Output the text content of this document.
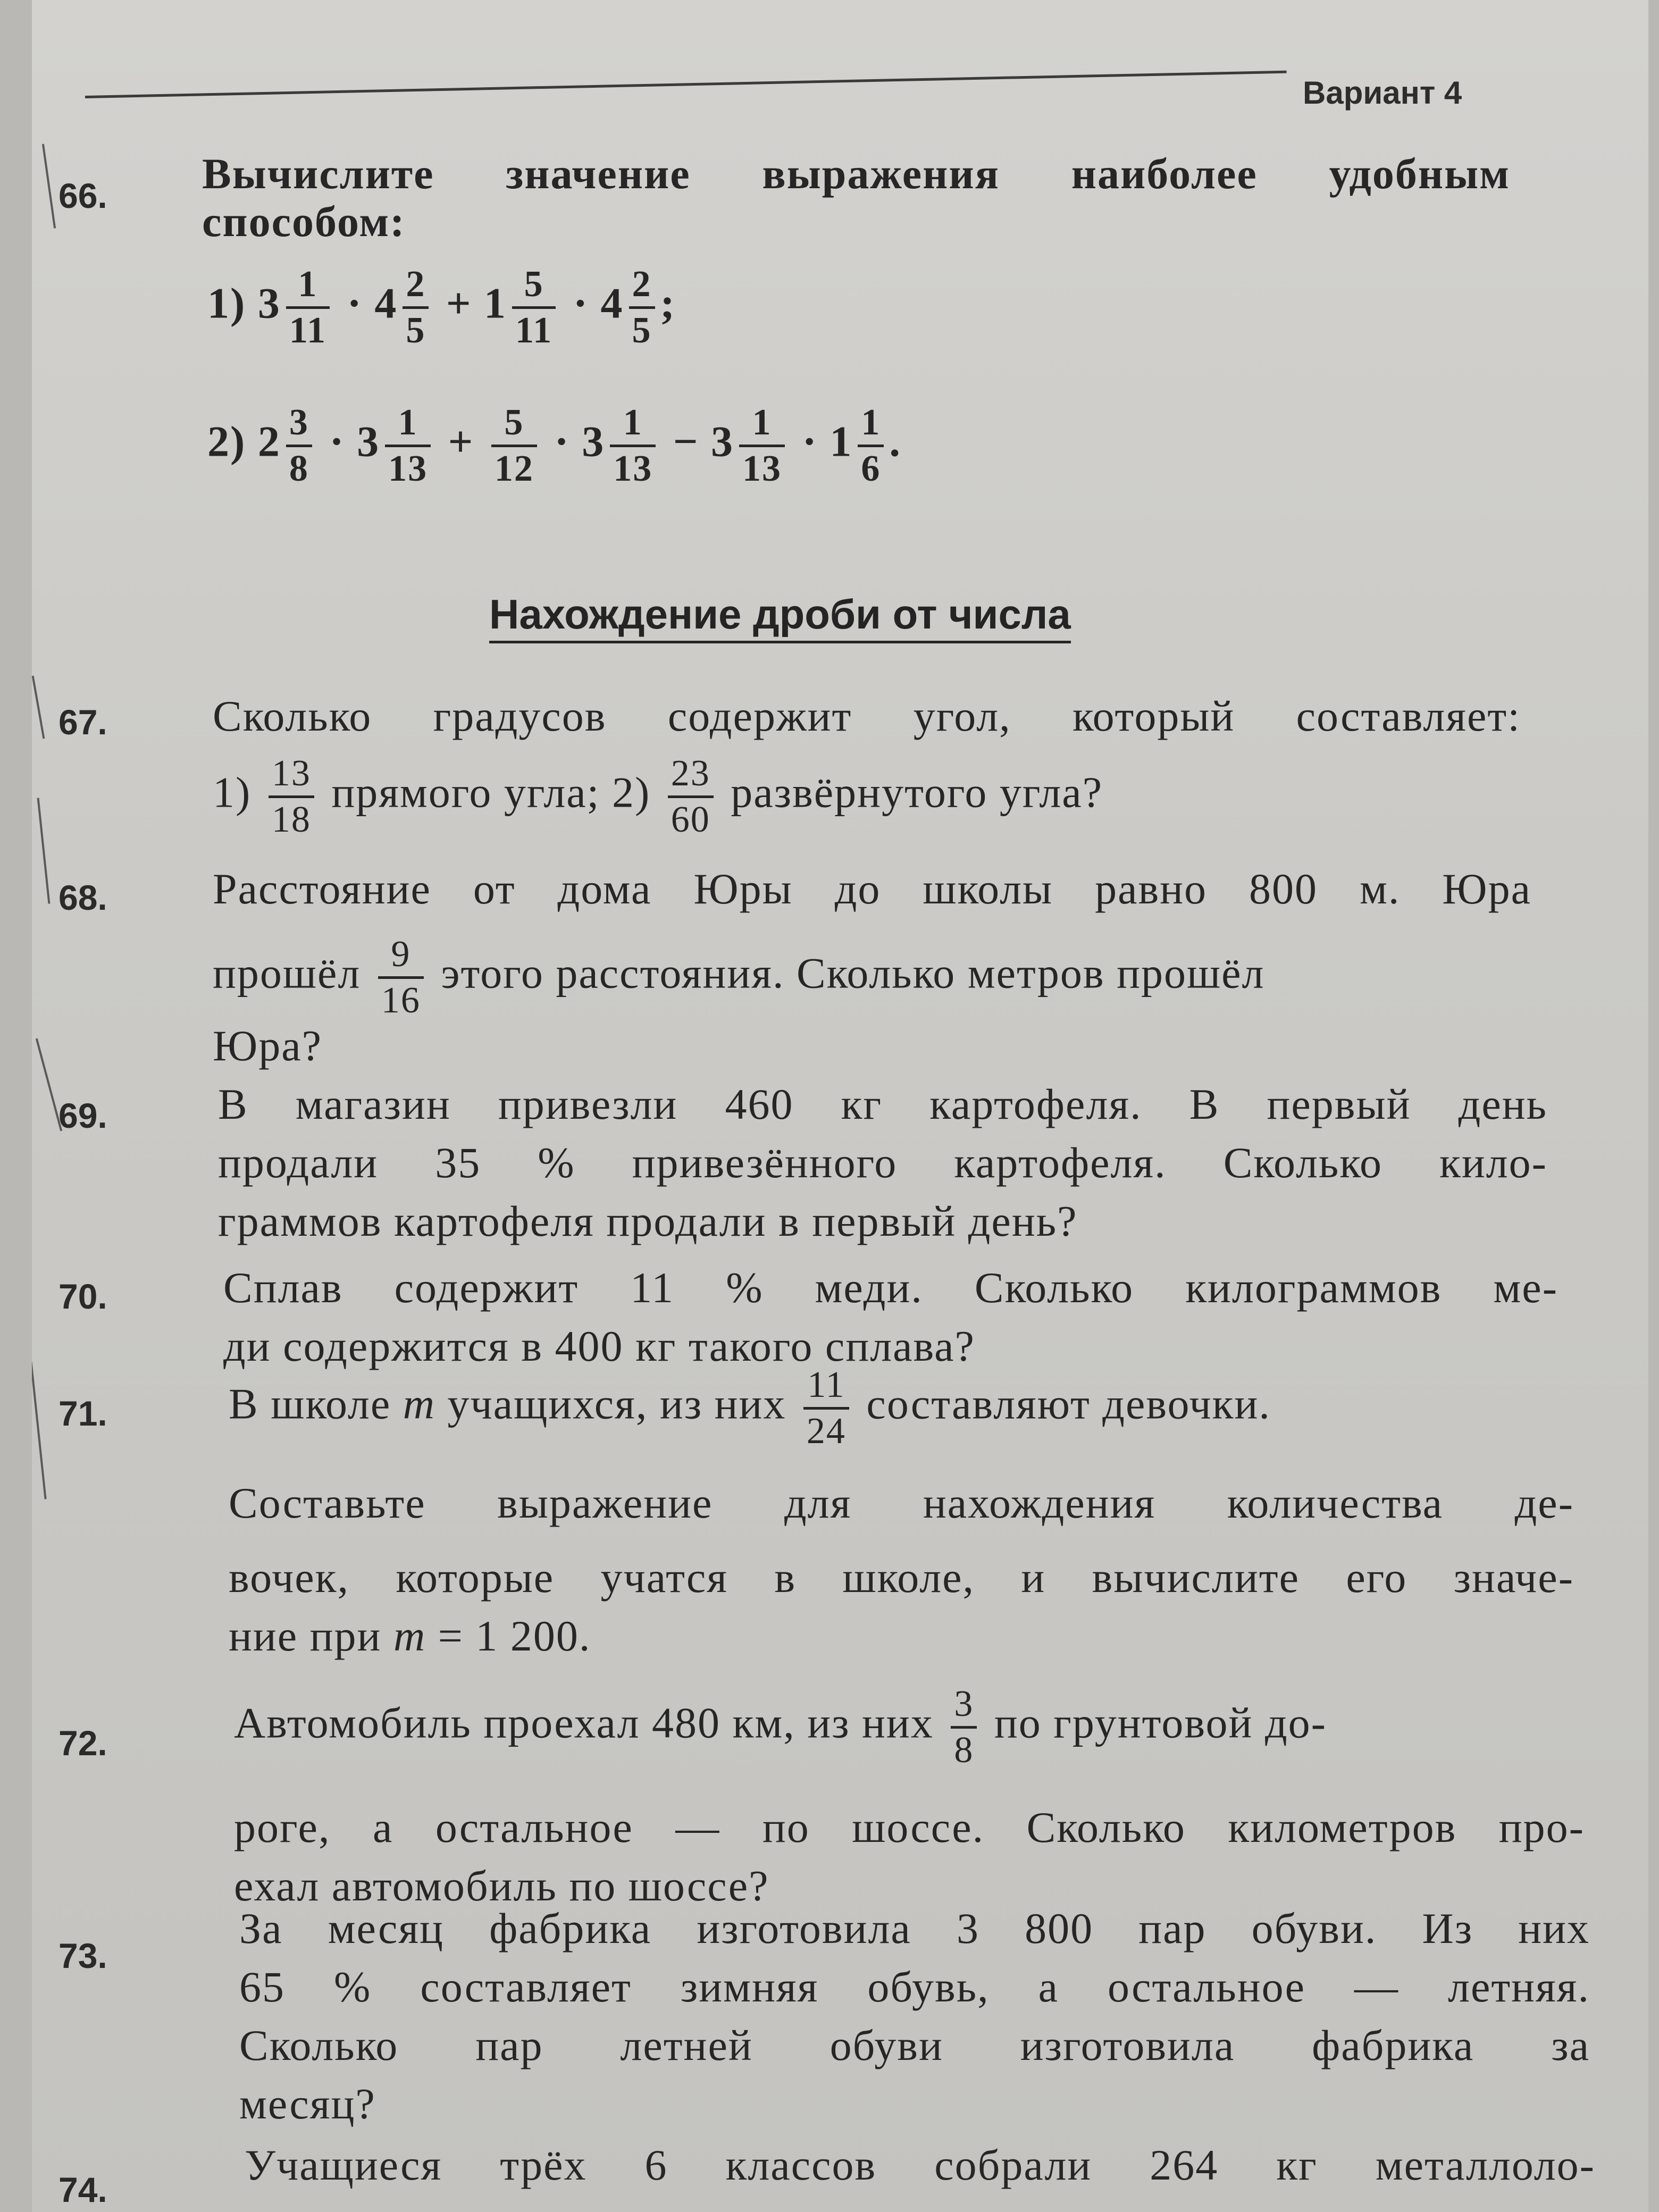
Вариант 4
66. Вычислите значение выражения наиболее удобным
способом:
1) $3 \frac{1}{11} \cdot 4 \frac{2}{5} + 1 \frac{5}{11} \cdot 4 \frac{2}{5}$ ;
2) $2 \frac{3}{8} \cdot 3 \frac{1}{13} + \frac{5}{12} \cdot 3 \frac{1}{13} - 3 \frac{1}{13} \cdot 1 \frac{1}{6}$ .
Нахождение дроби от числа
67. Сколько градусов содержит угол, который составляет:
$1) \frac{13}{18}$ прямого угла; $2) \frac{23}{60}$ развёрнутого угла?
68. Расстояние от дома Юры до школы равно 800 м. Юра
прошёл $\frac{9}{16}$ этого расстояния. Сколько метров прошёл
Юра?
69.	В магазин привезли 460 кг картофеля. В первый день
продали 35 % привезённого картофеля. Сколько кило-
граммов картофеля продали в первый день?
70.	Сплав содержит 11 % меди. Сколько килограммов ме-
ди содержится в 400 кг такого сплава?
71.	В школе m учащихся, из них $\frac{11}{24}$ составляют девочки.
Составьте выражение для нахождения количества де-
вочек, которые учатся в школе, и вычислите его значе-
ние при m = 1 200.
72.	Автомобиль проехал 480 км, из них $\frac{3}{8}$ по грунтовой до-
роге, а остальное — по шоссе. Сколько километров про-
ехал автомобиль по шоссе?
73.
За месяц фабрика изготовила 3 800 пар обуви. Из них
65 % составляет зимняя обувь, а остальное — летняя.
Сколько пар летней обуви изготовила фабрика за
месяц?
74.
Учащиеся трёх 6 классов собрали 264 кг металлоло-
